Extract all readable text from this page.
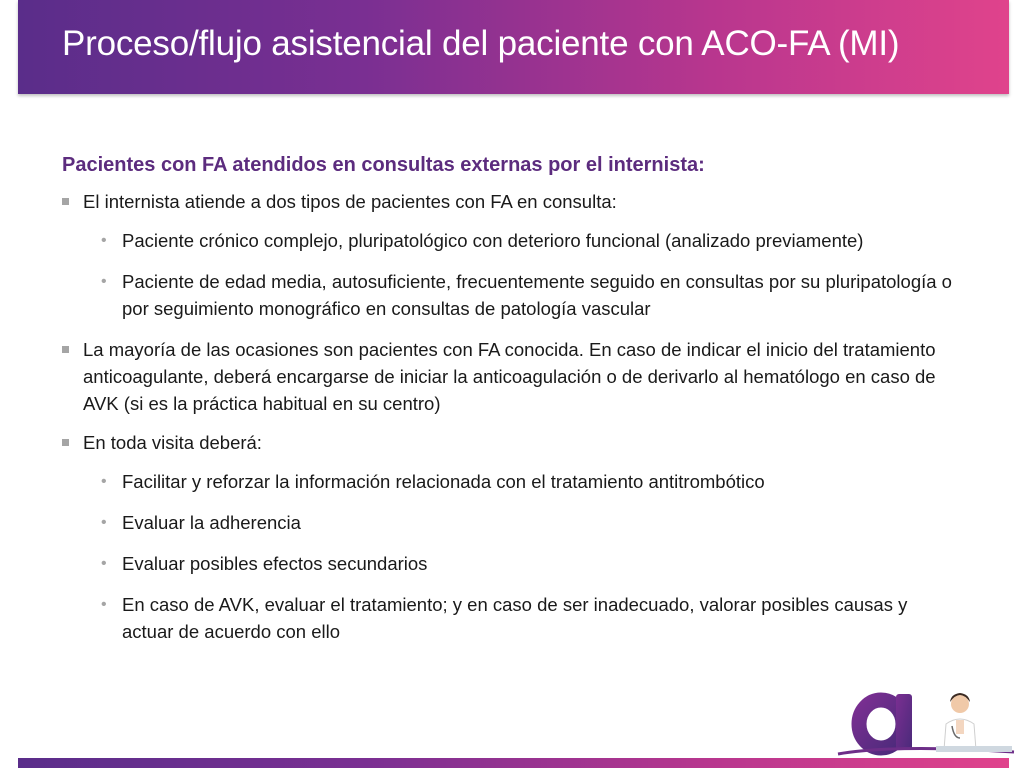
Proceso/flujo asistencial del paciente con ACO-FA (MI)
Pacientes con FA atendidos en consultas externas por el internista:
El internista atiende a dos tipos de pacientes con FA en consulta:
• Paciente crónico complejo, pluripatológico con deterioro funcional (analizado previamente)
• Paciente de edad media, autosuficiente, frecuentemente seguido en consultas por su pluripatología o por seguimiento monográfico en consultas de patología vascular
La mayoría de las ocasiones son pacientes con FA conocida. En caso de indicar el inicio del tratamiento anticoagulante, deberá encargarse de iniciar la anticoagulación o de derivarlo al hematólogo en caso de AVK (si es la práctica habitual en su centro)
En toda visita deberá:
• Facilitar y reforzar la información relacionada con el tratamiento antitrombótico
• Evaluar la adherencia
• Evaluar posibles efectos secundarios
• En caso de AVK, evaluar el tratamiento; y en caso de ser inadecuado, valorar posibles causas y actuar de acuerdo con ello
